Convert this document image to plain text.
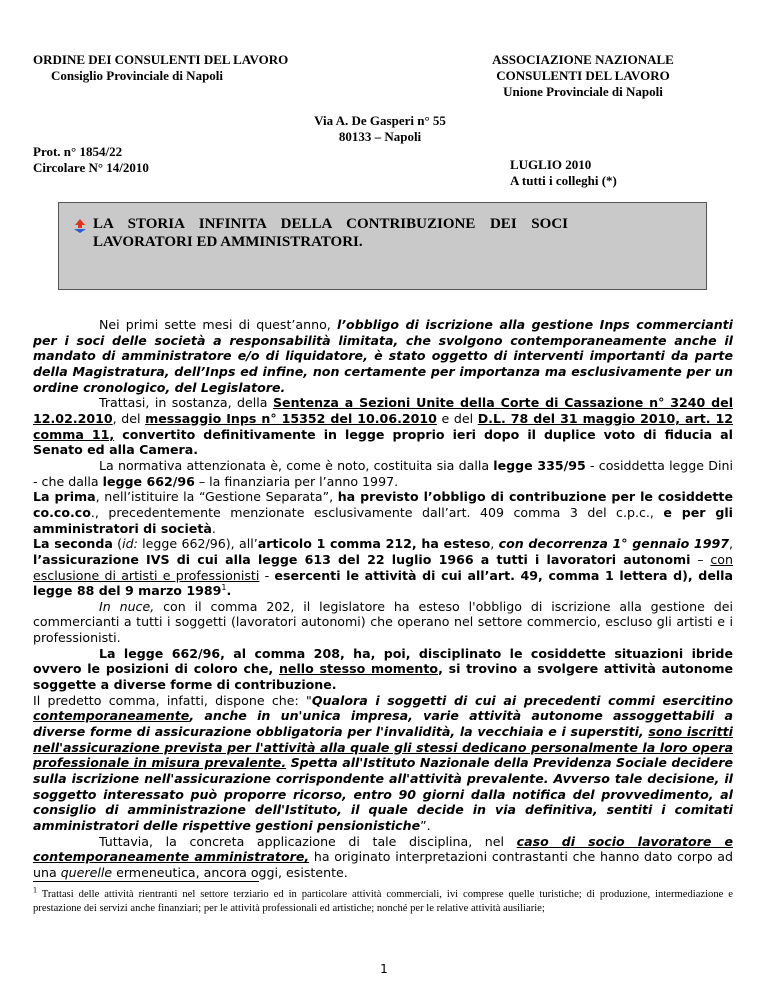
ORDINE DEI CONSULENTI DEL LAVORO
Consiglio Provinciale di Napoli
ASSOCIAZIONE NAZIONALE
CONSULENTI DEL LAVORO
Unione Provinciale di Napoli
Via A. De Gasperi n° 55
80133 – Napoli
Prot. n° 1854/22
Circolare N° 14/2010	LUGLIO 2010
A tutti i colleghi (*)
LA STORIA INFINITA DELLA CONTRIBUZIONE DEI SOCI LAVORATORI ED AMMINISTRATORI.

Nei primi sette mesi di quest’anno, l’obbligo di iscrizione alla gestione Inps commercianti per i soci delle società a responsabilità limitata, che svolgono contemporaneamente anche il mandato di amministratore e/o di liquidatore, è stato oggetto di interventi importanti da parte della Magistratura, dell’Inps ed infine, non certamente per importanza ma esclusivamente per un ordine cronologico, del Legislatore.

Trattasi, in sostanza, della Sentenza a Sezioni Unite della Corte di Cassazione n° 3240 del 12.02.2010, del messaggio Inps n° 15352 del 10.06.2010 e del D.L. 78 del 31 maggio 2010, art. 12 comma 11, convertito definitivamente in legge proprio ieri dopo il duplice voto di fiducia al Senato ed alla Camera.

La normativa attenzionata è, come è noto, costituita sia dalla legge 335/95 - cosiddetta legge Dini - che dalla legge 662/96 – la finanziaria per l’anno 1997.

La prima, nell’istituire la “Gestione Separata”, ha previsto l’obbligo di contribuzione per le cosiddette co.co.co., precedentemente menzionate esclusivamente dall’art. 409 comma 3 del c.p.c., e per gli amministratori di società.

La seconda (id: legge 662/96), all’articolo 1 comma 212, ha esteso, con decorrenza 1° gennaio 1997, l’assicurazione IVS di cui alla legge 613 del 22 luglio 1966 a tutti i lavoratori autonomi – con esclusione di artisti e professionisti - esercenti le attività di cui all’art. 49, comma 1 lettera d), della legge 88 del 9 marzo 1989$^1$.

In nuce, con il comma 202, il legislatore ha esteso l'obbligo di iscrizione alla gestione dei commercianti a tutti i soggetti (lavoratori autonomi) che operano nel settore commercio, escluso gli artisti e i professionisti.

La legge 662/96, al comma 208, ha, poi, disciplinato le cosiddette situazioni ibride ovvero le posizioni di coloro che, nello stesso momento, si trovino a svolgere attività autonome soggette a diverse forme di contribuzione.

Il predetto comma, infatti, dispone che: "Qualora i soggetti di cui ai precedenti commi esercitino contemporaneamente, anche in un'unica impresa, varie attività autonome assoggettabili a diverse forme di assicurazione obbligatoria per l'invalidità, la vecchiaia e i superstiti, sono iscritti nell'assicurazione prevista per l'attività alla quale gli stessi dedicano personalmente la loro opera professionale in misura prevalente. Spetta all'Istituto Nazionale della Previdenza Sociale decidere sulla iscrizione nell'assicurazione corrispondente all'attività prevalente. Avverso tale decisione, il soggetto interessato può proporre ricorso, entro 90 giorni dalla notifica del provvedimento, al consiglio di amministrazione dell'Istituto, il quale decide in via definitiva, sentiti i comitati amministratori delle rispettive gestioni pensionistiche”.

Tuttavia, la concreta applicazione di tale disciplina, nel caso di socio lavoratore e contemporaneamente amministratore, ha originato interpretazioni contrastanti che hanno dato corpo ad una querelle ermeneutica, ancora oggi, esistente.

$^1$ Trattasi delle attività rientranti nel settore terziario ed in particolare attività commerciali, ivi comprese quelle turistiche; di produzione, intermediazione e prestazione dei servizi anche finanziari; per le attività professionali ed artistiche; nonché per le relative attività ausiliarie;
1
